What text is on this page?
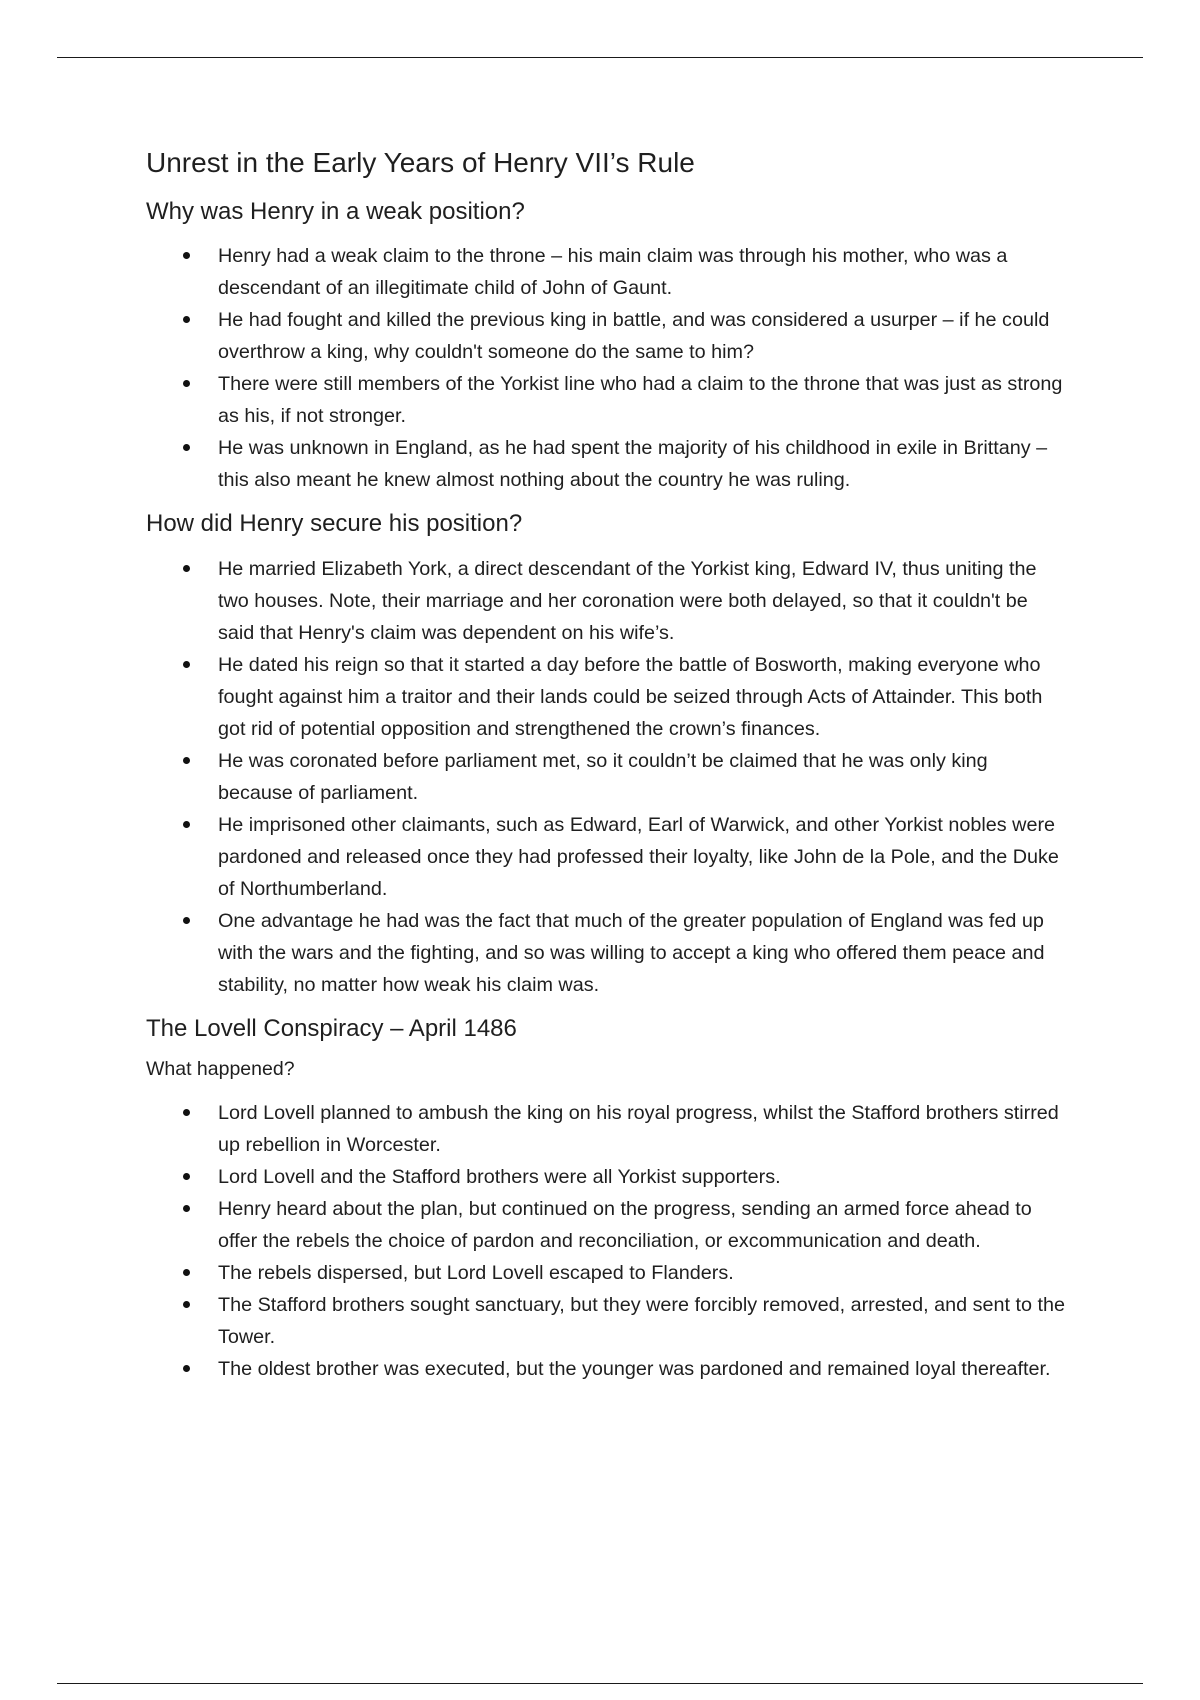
Unrest in the Early Years of Henry VII’s Rule
Why was Henry in a weak position?
Henry had a weak claim to the throne – his main claim was through his mother, who was a descendant of an illegitimate child of John of Gaunt.
He had fought and killed the previous king in battle, and was considered a usurper – if he could overthrow a king, why couldn't someone do the same to him?
There were still members of the Yorkist line who had a claim to the throne that was just as strong as his, if not stronger.
He was unknown in England, as he had spent the majority of his childhood in exile in Brittany – this also meant he knew almost nothing about the country he was ruling.
How did Henry secure his position?
He married Elizabeth York, a direct descendant of the Yorkist king, Edward IV, thus uniting the two houses. Note, their marriage and her coronation were both delayed, so that it couldn't be said that Henry's claim was dependent on his wife’s.
He dated his reign so that it started a day before the battle of Bosworth, making everyone who fought against him a traitor and their lands could be seized through Acts of Attainder. This both got rid of potential opposition and strengthened the crown’s finances.
He was coronated before parliament met, so it couldn’t be claimed that he was only king because of parliament.
He imprisoned other claimants, such as Edward, Earl of Warwick, and other Yorkist nobles were pardoned and released once they had professed their loyalty, like John de la Pole, and the Duke of Northumberland.
One advantage he had was the fact that much of the greater population of England was fed up with the wars and the fighting, and so was willing to accept a king who offered them peace and stability, no matter how weak his claim was.
The Lovell Conspiracy – April 1486
What happened?
Lord Lovell planned to ambush the king on his royal progress, whilst the Stafford brothers stirred up rebellion in Worcester.
Lord Lovell and the Stafford brothers were all Yorkist supporters.
Henry heard about the plan, but continued on the progress, sending an armed force ahead to offer the rebels the choice of pardon and reconciliation, or excommunication and death.
The rebels dispersed, but Lord Lovell escaped to Flanders.
The Stafford brothers sought sanctuary, but they were forcibly removed, arrested, and sent to the Tower.
The oldest brother was executed, but the younger was pardoned and remained loyal thereafter.
